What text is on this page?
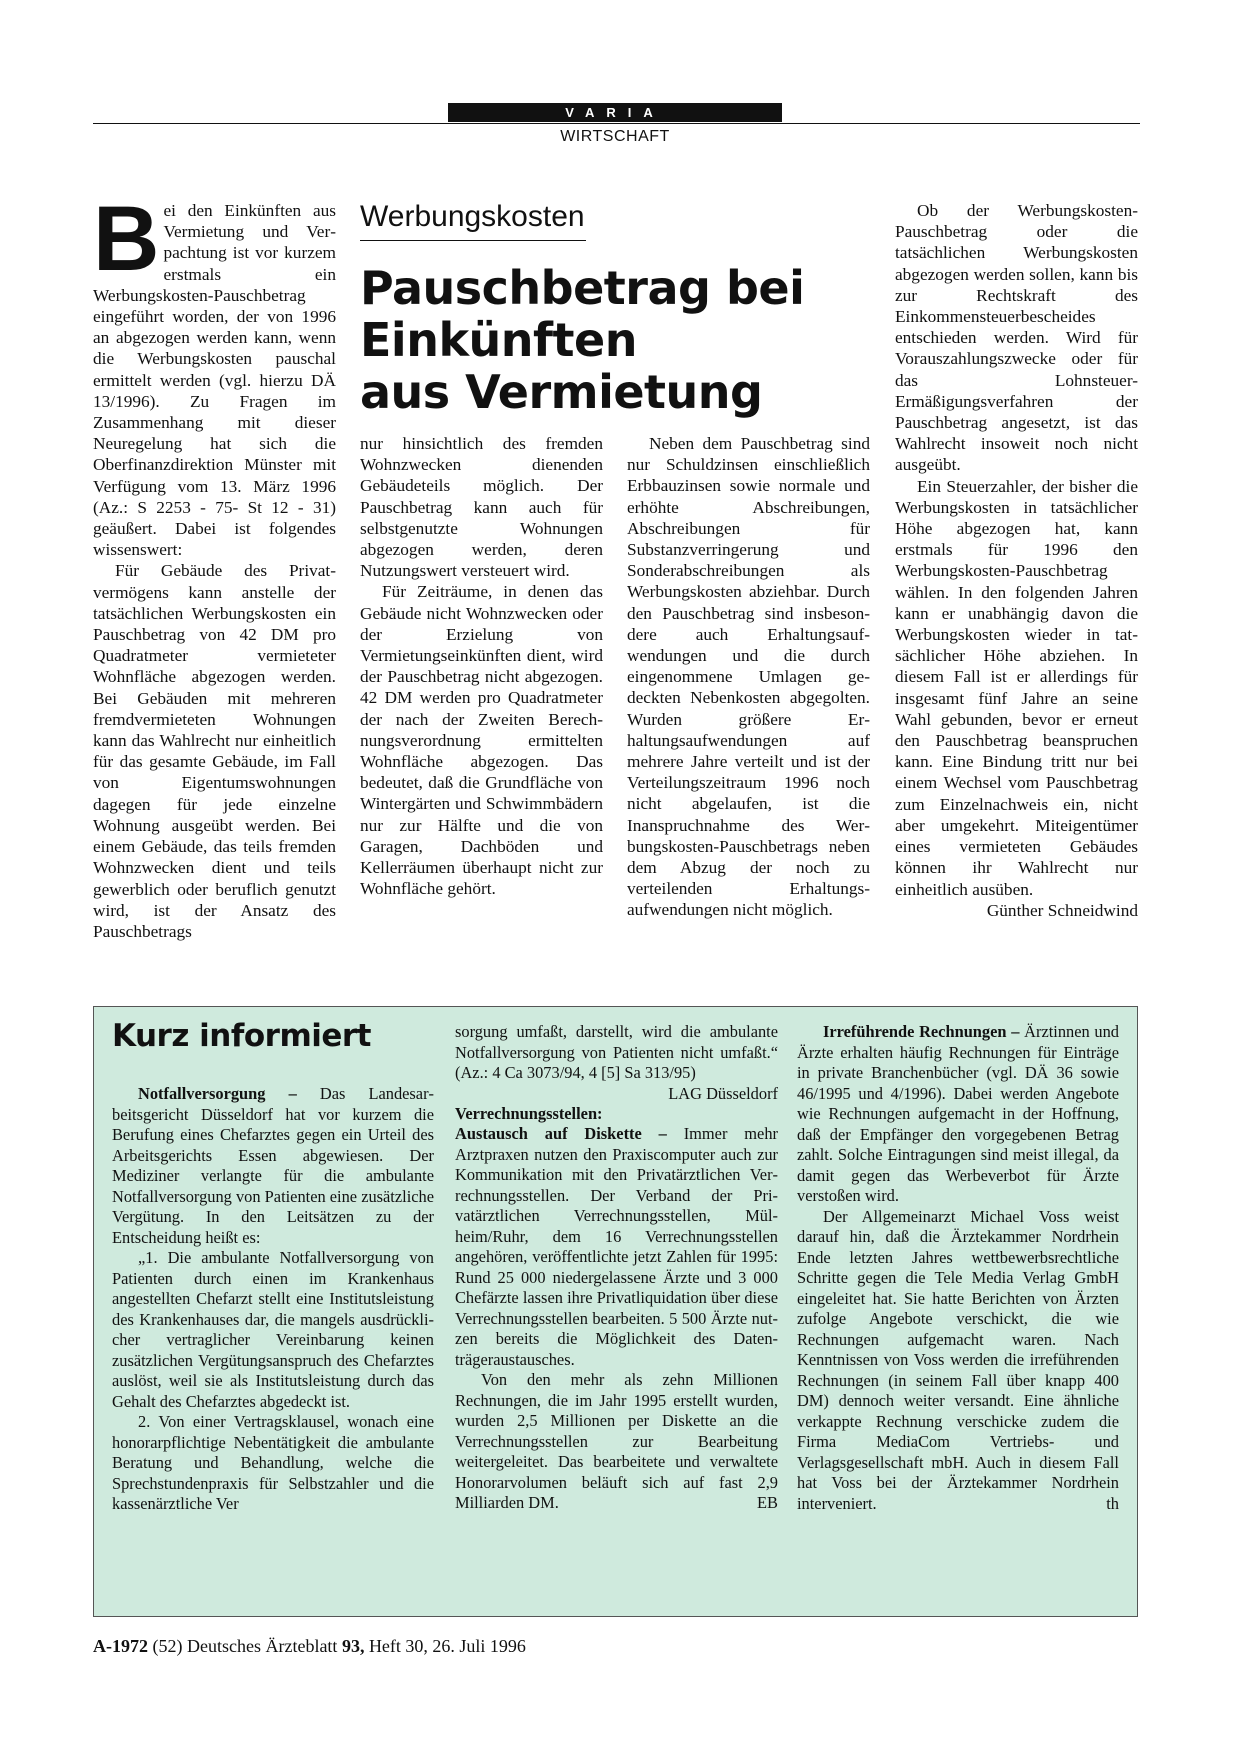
VARIA
WIRTSCHAFT
B ei den Einkünften aus Vermietung und Verpachtung ist vor kurzem erstmals ein Werbungskosten-Pauschbetrag eingeführt worden, der von 1996 an abgezogen werden kann, wenn die Werbungskosten pauschal ermittelt werden (vgl. hierzu DÄ 13/1996). Zu Fragen im Zusammenhang mit dieser Neuregelung hat sich die Oberfinanzdirektion Münster mit Verfügung vom 13. März 1996 (Az.: S 2253 - 75- St 12 - 31) geäußert. Dabei ist folgendes wissenswert:

Für Gebäude des Privatvermögens kann anstelle der tatsächlichen Werbungskosten ein Pauschbetrag von 42 DM pro Quadratmeter vermieteter Wohnfläche abgezogen werden. Bei Gebäuden mit mehreren fremdvermieteten Wohnungen kann das Wahlrecht nur einheitlich für das gesamte Gebäude, im Fall von Eigentumswohnungen dagegen für jede einzelne Wohnung ausgeübt werden. Bei einem Gebäude, das teils fremden Wohnzwecken dient und teils gewerblich oder beruflich genutzt wird, ist der Ansatz des Pauschbetrags

Werbungskosten
Pauschbetrag bei
Einkünften
aus Vermietung

nur hinsichtlich des fremden Wohnzwecken dienenden Gebäudeteils möglich. Der Pauschbetrag kann auch für selbstgenutzte Wohnungen abgezogen werden, deren Nutzungswert versteuert wird.

Für Zeiträume, in denen das Gebäude nicht Wohnzwecken oder der Erzielung von Vermietungseinkünften dient, wird der Pauschbetrag nicht abgezogen. 42 DM werden pro Quadratmeter der nach der Zweiten Berechnungsverordnung ermittelten Wohnfläche abgezogen. Das bedeutet, daß die Grundfläche von Wintergärten und Schwimmbädern nur zur Hälfte und die von Garagen, Dachböden und Kellerräumen überhaupt nicht zur Wohnfläche gehört.

Neben dem Pauschbetrag sind nur Schuldzinsen einschließlich Erbbauzinsen sowie normale und erhöhte Abschreibungen, Abschreibungen für Substanzverringerung und Sonderabschreibungen als Werbungskosten abziehbar. Durch den Pauschbetrag sind insbesondere auch Erhaltungsaufwendungen und die durch eingenommene Umlagen gedeckten Nebenkosten abgegolten. Wurden größere Erhaltungsaufwendungen auf mehrere Jahre verteilt und ist der Verteilungszeitraum 1996 noch nicht abgelaufen, ist die Inanspruchnahme des Werbungskosten-Pauschbetrags neben dem Abzug der noch zu verteilenden Erhaltungsaufwendungen nicht möglich.

Ob der Werbungskosten-Pauschbetrag oder die tatsächlichen Werbungskosten abgezogen werden sollen, kann bis zur Rechtskraft des Einkommensteuerbescheides entschieden werden. Wird für Vorauszahlungszwecke oder für das Lohnsteuer-Ermäßigungsverfahren der Pauschbetrag angesetzt, ist das Wahlrecht insoweit noch nicht ausgeübt.

Ein Steuerzahler, der bisher die Werbungskosten in tatsächlicher Höhe abgezogen hat, kann erstmals für 1996 den Werbungskosten-Pauschbetrag wählen. In den folgenden Jahren kann er unabhängig davon die Werbungskosten wieder in tatsächlicher Höhe abziehen. In diesem Fall ist er allerdings für insgesamt fünf Jahre an seine Wahl gebunden, bevor er erneut den Pauschbetrag beanspruchen kann. Eine Bindung tritt nur bei einem Wechsel vom Pauschbetrag zum Einzelnachweis ein, nicht aber umgekehrt. Miteigentümer eines vermieteten Gebäudes können ihr Wahlrecht nur einheitlich ausüben.
Günther Schneidwind

Kurz informiert

Notfallversorgung – Das Landesarbeitsgericht Düsseldorf hat vor kurzem die Berufung eines Chefarztes gegen ein Urteil des Arbeitsgerichts Essen abgewiesen. Der Mediziner verlangte für die ambulante Notfallversorgung von Patienten eine zusätzliche Vergütung. In den Leitsätzen zu der Entscheidung heißt es:

„1. Die ambulante Notfallversorgung von Patienten durch einen im Krankenhaus angestellten Chefarzt stellt eine Institutsleistung des Krankenhauses dar, die mangels ausdrücklicher vertraglicher Vereinbarung keinen zusätzlichen Vergütungsanspruch des Chefarztes auslöst, weil sie als Institutsleistung durch das Gehalt des Chefarztes abgedeckt ist.

2. Von einer Vertragsklausel, wonach eine honorarpflichtige Nebentätigkeit die ambulante Beratung und Behandlung, welche die Sprechstundenpraxis für Selbstzahler und die kassenärztliche Ver

sorgung umfaßt, darstellt, wird die ambulante Notfallversorgung von Patienten nicht umfaßt.“ (Az.: 4 Ca 3073/94, 4 [5] Sa 313/95)
LAG Düsseldorf

Verrechnungsstellen: Austausch auf Diskette – Immer mehr Arztpraxen nutzen den Praxiscomputer auch zur Kommunikation mit den Privatärztlichen Verrechnungsstellen. Der Verband der Privatärztlichen Verrechnungsstellen, Mülheim/Ruhr, dem 16 Verrechnungsstellen angehören, veröffentlichte jetzt Zahlen für 1995: Rund 25 000 niedergelassene Ärzte und 3 000 Chefärzte lassen ihre Privatliquidation über diese Verrechnungsstellen bearbeiten. 5 500 Ärzte nutzen bereits die Möglichkeit des Datenträgeraustausches.

Von den mehr als zehn Millionen Rechnungen, die im Jahr 1995 erstellt wurden, wurden 2,5 Millionen per Diskette an die Verrechnungsstellen zur Bearbeitung weitergeleitet. Das bearbeitete und verwaltete Honorarvolumen beläuft sich auf fast 2,9 Milliarden DM.	EB

Irreführende Rechnungen – Ärztinnen und Ärzte erhalten häufig Rechnungen für Einträge in private Branchenbücher (vgl. DÄ 36 sowie 46/1995 und 4/1996). Dabei werden Angebote wie Rechnungen aufgemacht in der Hoffnung, daß der Empfänger den vorgegebenen Betrag zahlt. Solche Eintragungen sind meist illegal, da damit gegen das Werbeverbot für Ärzte verstoßen wird.

Der Allgemeinarzt Michael Voss weist darauf hin, daß die Ärztekammer Nordrhein Ende letzten Jahres wettbewerbsrechtliche Schritte gegen die Tele Media Verlag GmbH eingeleitet hat. Sie hatte Berichten von Ärzten zufolge Angebote verschickt, die wie Rechnungen aufgemacht waren. Nach Kenntnissen von Voss werden die irreführenden Rechnungen (in seinem Fall über knapp 400 DM) dennoch weiter versandt. Eine ähnliche verkappte Rechnung verschicke zudem die Firma MediaCom Vertriebs- und Verlagsgesellschaft mbH. Auch in diesem Fall hat Voss bei der Ärztekammer Nordrhein interveniert.	th

A-1972 (52) Deutsches Ärzteblatt 93, Heft 30, 26. Juli 1996
